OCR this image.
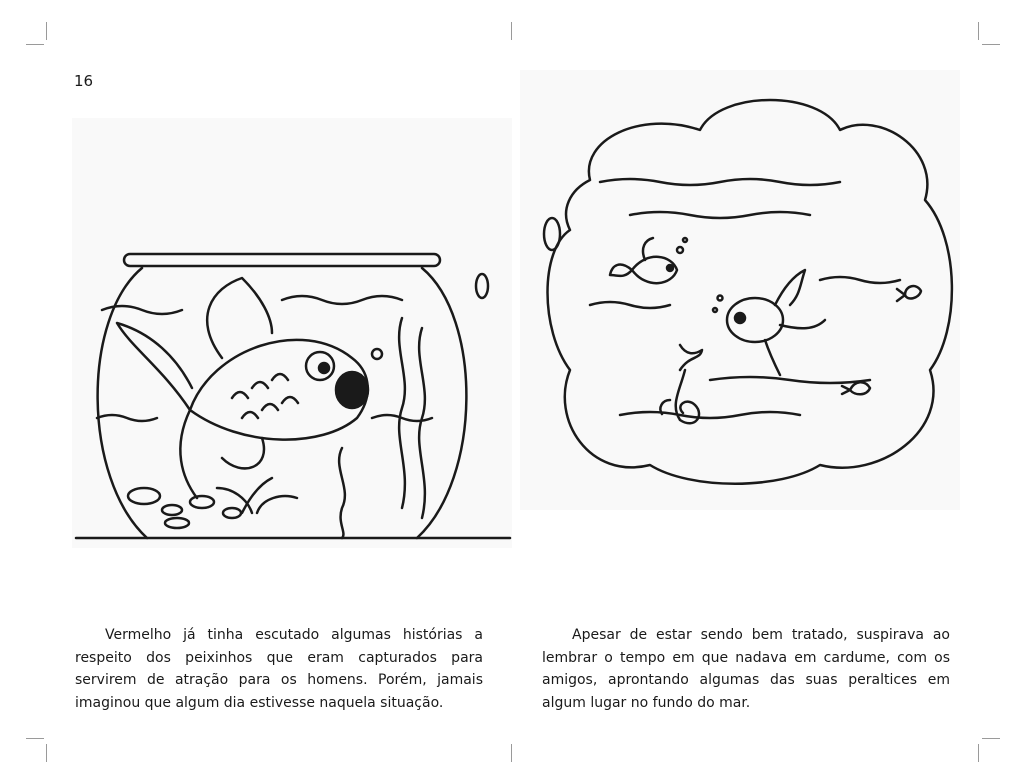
16

Vermelho já tinha escutado algumas histórias a respeito dos peixinhos que eram capturados para servirem de atração para os homens. Porém, jamais imaginou que algum dia estivesse naquela situação.

Apesar de estar sendo bem tratado, suspirava ao lembrar o tempo em que nadava em cardume, com os amigos, aprontando algumas das suas peraltices em algum lugar no fundo do mar.
